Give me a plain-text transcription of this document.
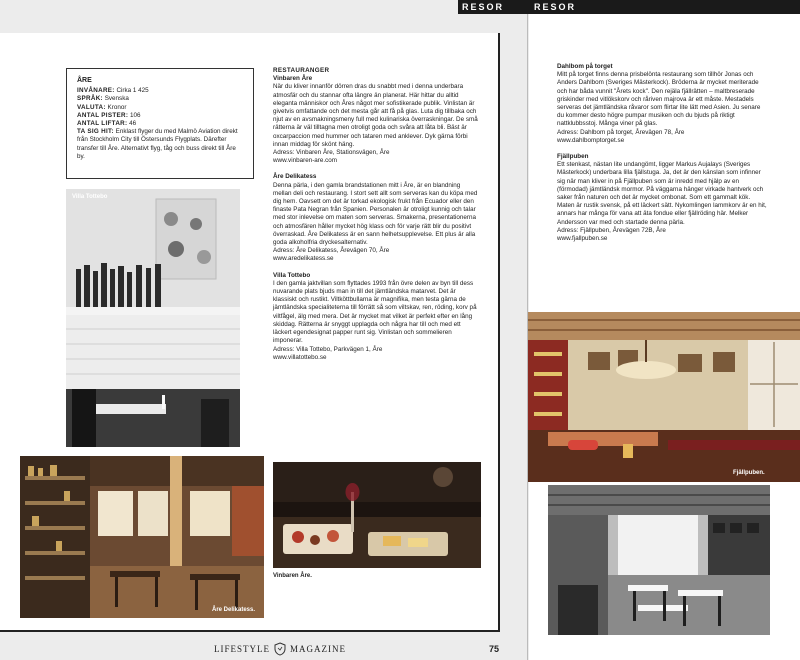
RESOR	RESOR
ÅRE
INVÅNARE: Cirka 1 425
SPRÅK: Svenska
VALUTA: Kronor
ANTAL PISTER: 106
ANTAL LIFTAR: 46
TA SIG HIT: Enklast flyger du med Malmö Aviation direkt från Stockholm City till Östersunds Flygplats. Därefter transfer till Åre. Alternativt flyg, tåg och buss direkt till Åre by.
Villa Tottebo
Åre Delikatess.
Vinbaren Åre.
RESTAURANGER
Vinbaren Åre

När du kliver innanför dörren dras du snabbt med i denna underbara atmosfär och du stannar ofta längre än planerat. Här hittar du alltid eleganta människor och Åres något mer sofistikerade publik. Vinlistan är givetvis omfattande och det mesta går att få på glas. Luta dig tillbaka och njut av en avsmakningsmeny full med kulinariska överraskningar. De små rätterna är väl tilltagna men otroligt goda och svåra att låta bli. Bäst är oxcarpaccion med hummer och tataren med anklever. Dyk gärna förbi innan middag för skönt häng.

Adress: Vinbaren Åre, Stationsvägen, Åre

www.vinbaren-are.com

Åre Delikatess

Denna pärla, i den gamla brandstationen mitt i Åre, är en blandning mellan deli och restaurang. I stort sett allt som serveras kan du köpa med dig hem. Oavsett om det är torkad ekologisk frukt från Ecuador eller den finaste Pata Negran från Spanien. Personalen är otroligt kunnig och talar med stor inlevelse om maten som serveras. Smakerna, presentationerna och atmosfären håller mycket hög klass och för varje rätt blir du positivt överraskad. Åre Delikatess är en sann helhetsupplevelse. Ett plus är alla goda alkoholfria dryckesalternativ.

Adress: Åre Delikatess, Årevägen 70, Åre

www.aredelikatess.se

Villa Tottebo

I den gamla jaktvillan som flyttades 1993 från övre delen av byn till dess nuvarande plats bjuds man in till det jämtländska matarvet. Det är klassiskt och rustikt. Viltköttbullarna är magnifika, men testa gärna de jämtländska specialiteterna till förrätt så som viltskav, ren, röding, korv på viltfågel, älg med mera. Det är mycket mat vilket är perfekt efter en lång skiddag. Rätterna är snyggt upplagda och några har till och med ett läckert egendesignat papper runt sig. Vinlistan och sommelieren imponerar.

Adress: Villa Tottebo, Parkvägen 1, Åre

www.villatottebo.se

Dahlbom på torget

Mitt på torget finns denna prisbelönta restaurang som tillhör Jonas och Anders Dahlbom (Sveriges Mästerkock). Bröderna är mycket meriterade och har båda vunnit "Årets kock". Den rejäla fjällrätten – maltbreserade griskinder med vitlökskorv och råriven majrova är ett måste. Mestadels serveras det jämtländska råvaror som flirtar lite lätt med Asien. Ju senare du kommer desto högre pumpar musiken och du bjuds på riktigt nattklubbsstoj. Många viner på glas.

Adress: Dahlbom på torget, Årevägen 78, Åre

www.dahlbomptorget.se

Fjällpuben

Ett stenkast, nästan lite undangömt, ligger Markus Aujalays (Sveriges Mästerkock) underbara lilla fjällstuga. Ja, det är den känslan som infinner sig när man kliver in på Fjällpuben som är inredd med hjälp av en (förmodad) jämtländsk mormor. På väggarna hänger virkade hantverk och saker från naturen och det är mycket ombonat. Som ett gammalt kök. Maten är rustik svensk, på ett läckert sätt. Nykomlingen lammkorv är en hit, annars har många för vana att äta fondue eller fjällröding här. Melker Andersson var med och startade denna pärla.

Adress: Fjällpuben, Årevägen 72B, Åre

www.fjallpuben.se

Fjällpuben.
LIFESTYLE MAGAZINE	75
